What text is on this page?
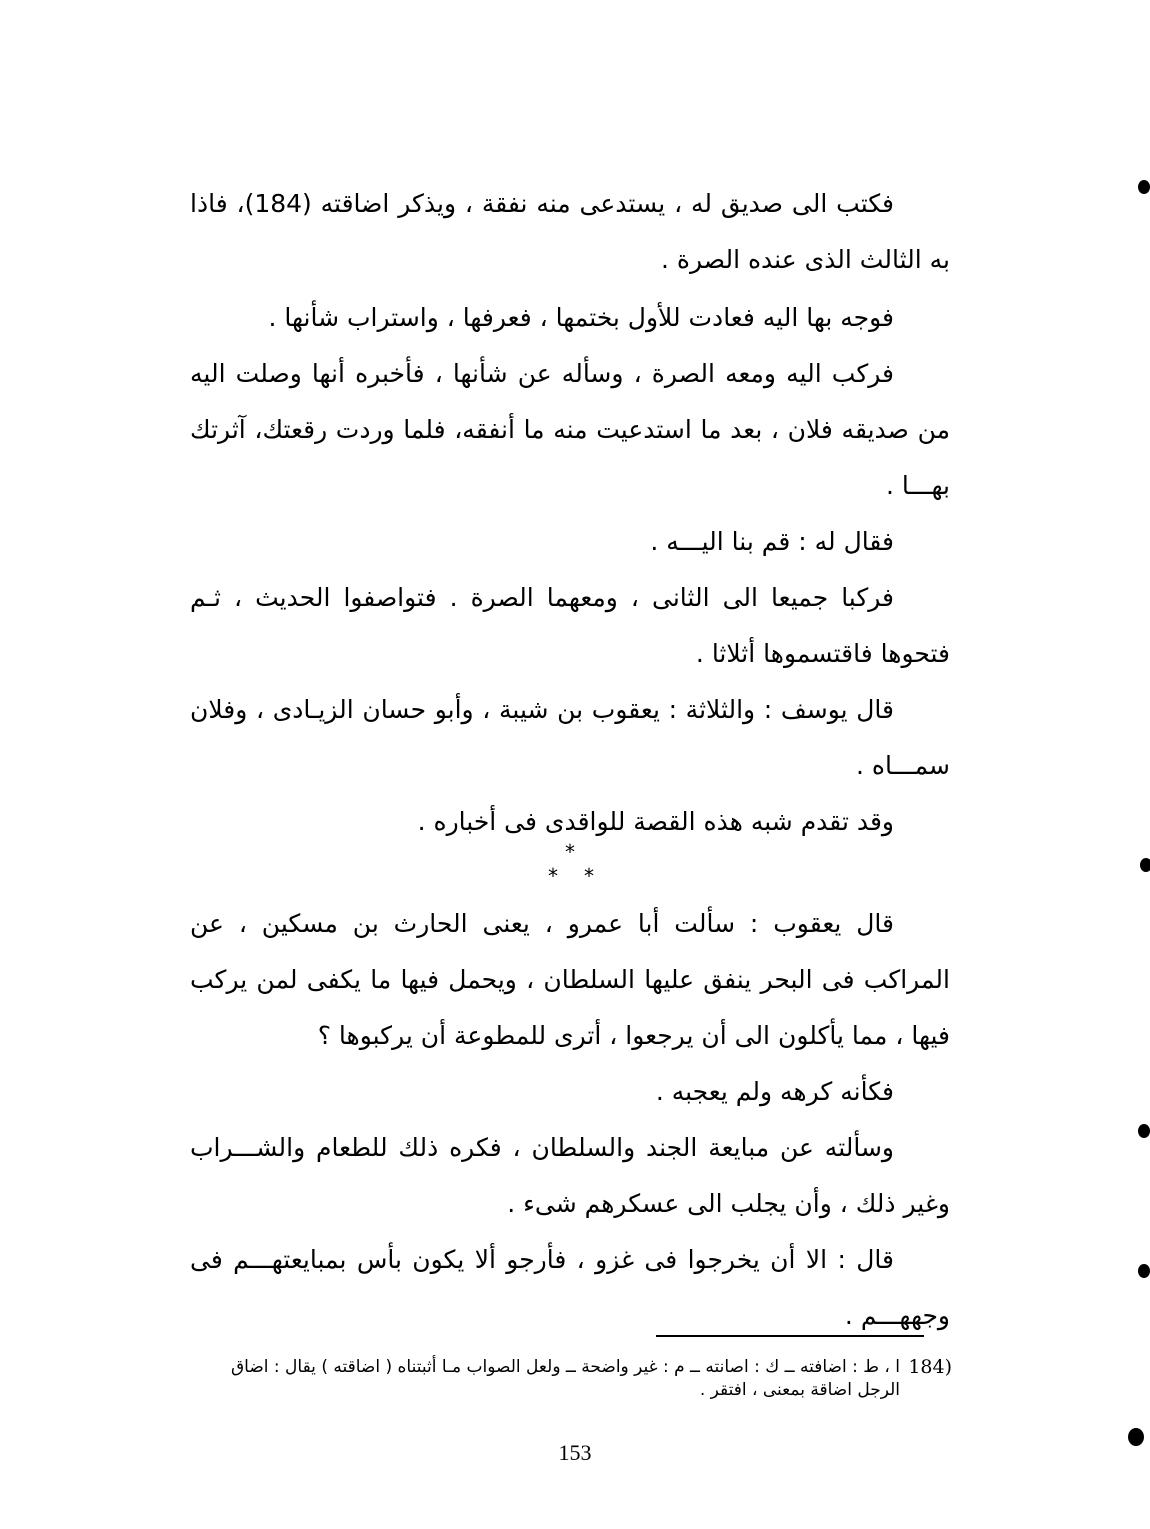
فكتب الى صديق له ، يستدعى منه نفقة ، ويذكر اضاقته (184)، فاذا به الثالث الذى عنده الصرة .

فوجه بها اليه فعادت للأول بختمها ، فعرفها ، واستراب شأنها .

فركب اليه ومعه الصرة ، وسأله عن شأنها ، فأخبره أنها وصلت اليه من صديقه فلان ، بعد ما استدعيت منه ما أنفقه، فلما وردت رقعتك، آثرتك بهـــا .

فقال له : قم بنا اليـــه .

فركبا جميعا الى الثانى ، ومعهما الصرة . فتواصفوا الحديث ، ثـم فتحوها فاقتسموها أثلاثا .

قال يوسف : والثلاثة : يعقوب بن شيبة ، وأبو حسان الزيـادى ، وفلان سمـــاه .

وقد تقدم شبه هذه القصة للواقدى فى أخباره .

*
* *

قال يعقوب : سألت أبا عمرو ، يعنى الحارث بن مسكين ، عن المراكب فى البحر ينفق عليها السلطان ، ويحمل فيها ما يكفى لمن يركب فيها ، مما يأكلون الى أن يرجعوا ، أترى للمطوعة أن يركبوها ؟

فكأنه كرهه ولم يعجبه .

وسألته عن مبايعة الجند والسلطان ، فكره ذلك للطعام والشـــراب وغير ذلك ، وأن يجلب الى عسكرهم شىء .

قال : الا أن يخرجوا فى غزو ، فأرجو ألا يكون بأس بمبايعتهـــم فى وجههـــم .

(184
ا ، ط : اضافته ــ ك : اصانته ــ م : غير واضحة ــ ولعل الصواب مـا أثبتناه ( اضاقته ) يقال : اضاق الرجل اضاقة بمعنى ، افتقر .
153
